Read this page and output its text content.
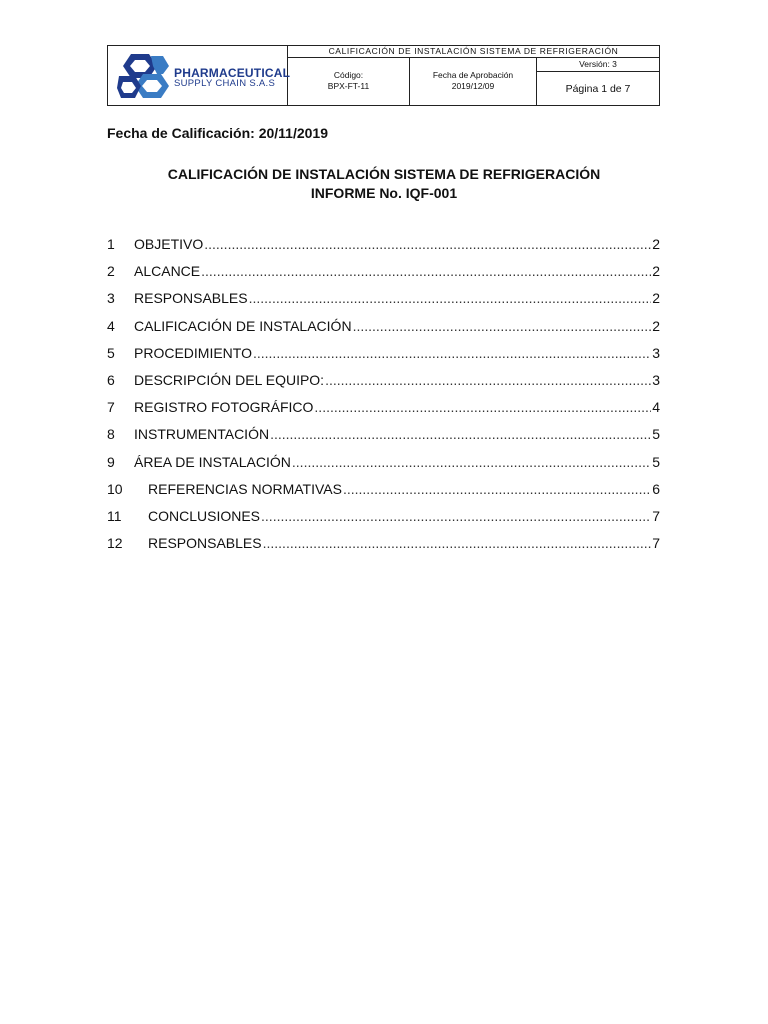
PHARMACEUTICAL
SUPPLY CHAIN S.A.S
CALIFICACIÓN DE INSTALACIÓN SISTEMA DE REFRIGERACIÓN
Código:
BPX-FT-11
Fecha de Aprobación
2019/12/09
Versión: 3
Página 1 de 7
Fecha de Calificación: 20/11/2019
CALIFICACIÓN DE INSTALACIÓN SISTEMA DE REFRIGERACIÓN
INFORME No. IQF-001
1	OBJETIVO .....	2
2	ALCANCE .....	2
3	RESPONSABLES .....	2
4	CALIFICACIÓN DE INSTALACIÓN .....	2
5	PROCEDIMIENTO .....	3
6	DESCRIPCIÓN DEL EQUIPO: .....	3
7	REGISTRO FOTOGRÁFICO .....	4
8	INSTRUMENTACIÓN .....	5
9	ÁREA DE INSTALACIÓN .....	5
10	REFERENCIAS NORMATIVAS .....	6
11	CONCLUSIONES .....	7
12	RESPONSABLES .....	7
